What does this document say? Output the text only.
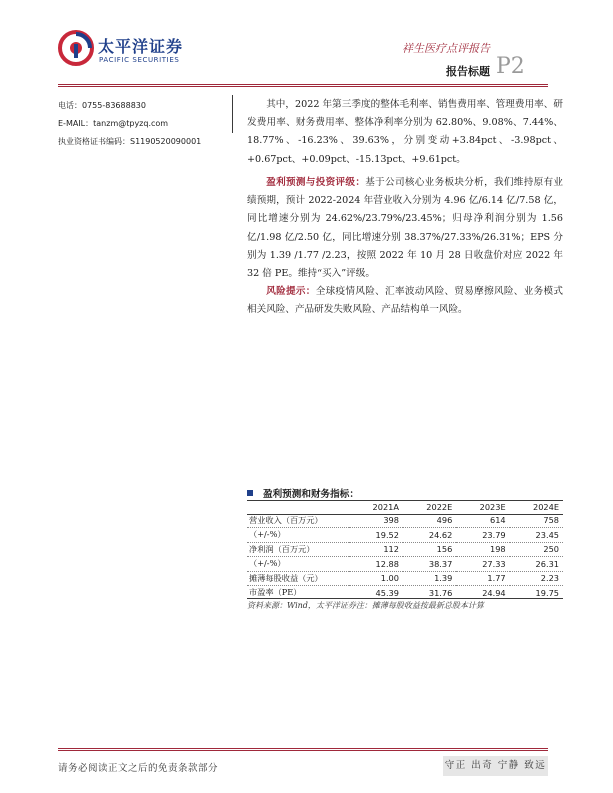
太平洋证券
PACIFIC SECURITIES
祥生医疗点评报告
报告标题 P2
电话：0755-83688830
E-MAIL：tanzm@tpyzq.com
执业资格证书编码：S1190520090001
其中，2022 年第三季度的整体毛利率、销售费用率、管理费用率、研发费用率、财务费用率、整体净利率分别为 62.80%、9.08%、7.44%、18.77%、-16.23%、39.63%，分别变动+3.84pct、-3.98pct、+0.67pct、+0.09pct、-15.13pct、+9.61pct。
盈利预测与投资评级：基于公司核心业务板块分析，我们维持原有业绩预期，预计 2022-2024 年营业收入分别为 4.96 亿/6.14 亿/7.58 亿，同比增速分别为 24.62%/23.79%/23.45%；归母净利润分别为 1.56 亿/1.98 亿/2.50 亿，同比增速分别 38.37%/27.33%/26.31%；EPS 分别为 1.39 /1.77 /2.23，按照 2022 年 10 月 28 日收盘价对应 2022 年 32 倍 PE。维持“买入”评级。
风险提示：全球疫情风险、汇率波动风险、贸易摩擦风险、业务模式相关风险、产品研发失败风险、产品结构单一风险。
盈利预测和财务指标：
	2021A	2022E	2023E	2024E
营业收入（百万元）	398	496	614	758
（+/-%）	19.52	24.62	23.79	23.45
净利润（百万元）	112	156	198	250
（+/-%）	12.88	38.37	27.33	26.31
摊薄每股收益（元）	1.00	1.39	1.77	2.23
市盈率（PE）	45.39	31.76	24.94	19.75
资料来源：Wind，太平洋证券注：摊薄每股收益按最新总股本计算
请务必阅读正文之后的免责条款部分	守正 出奇 宁静 致远
